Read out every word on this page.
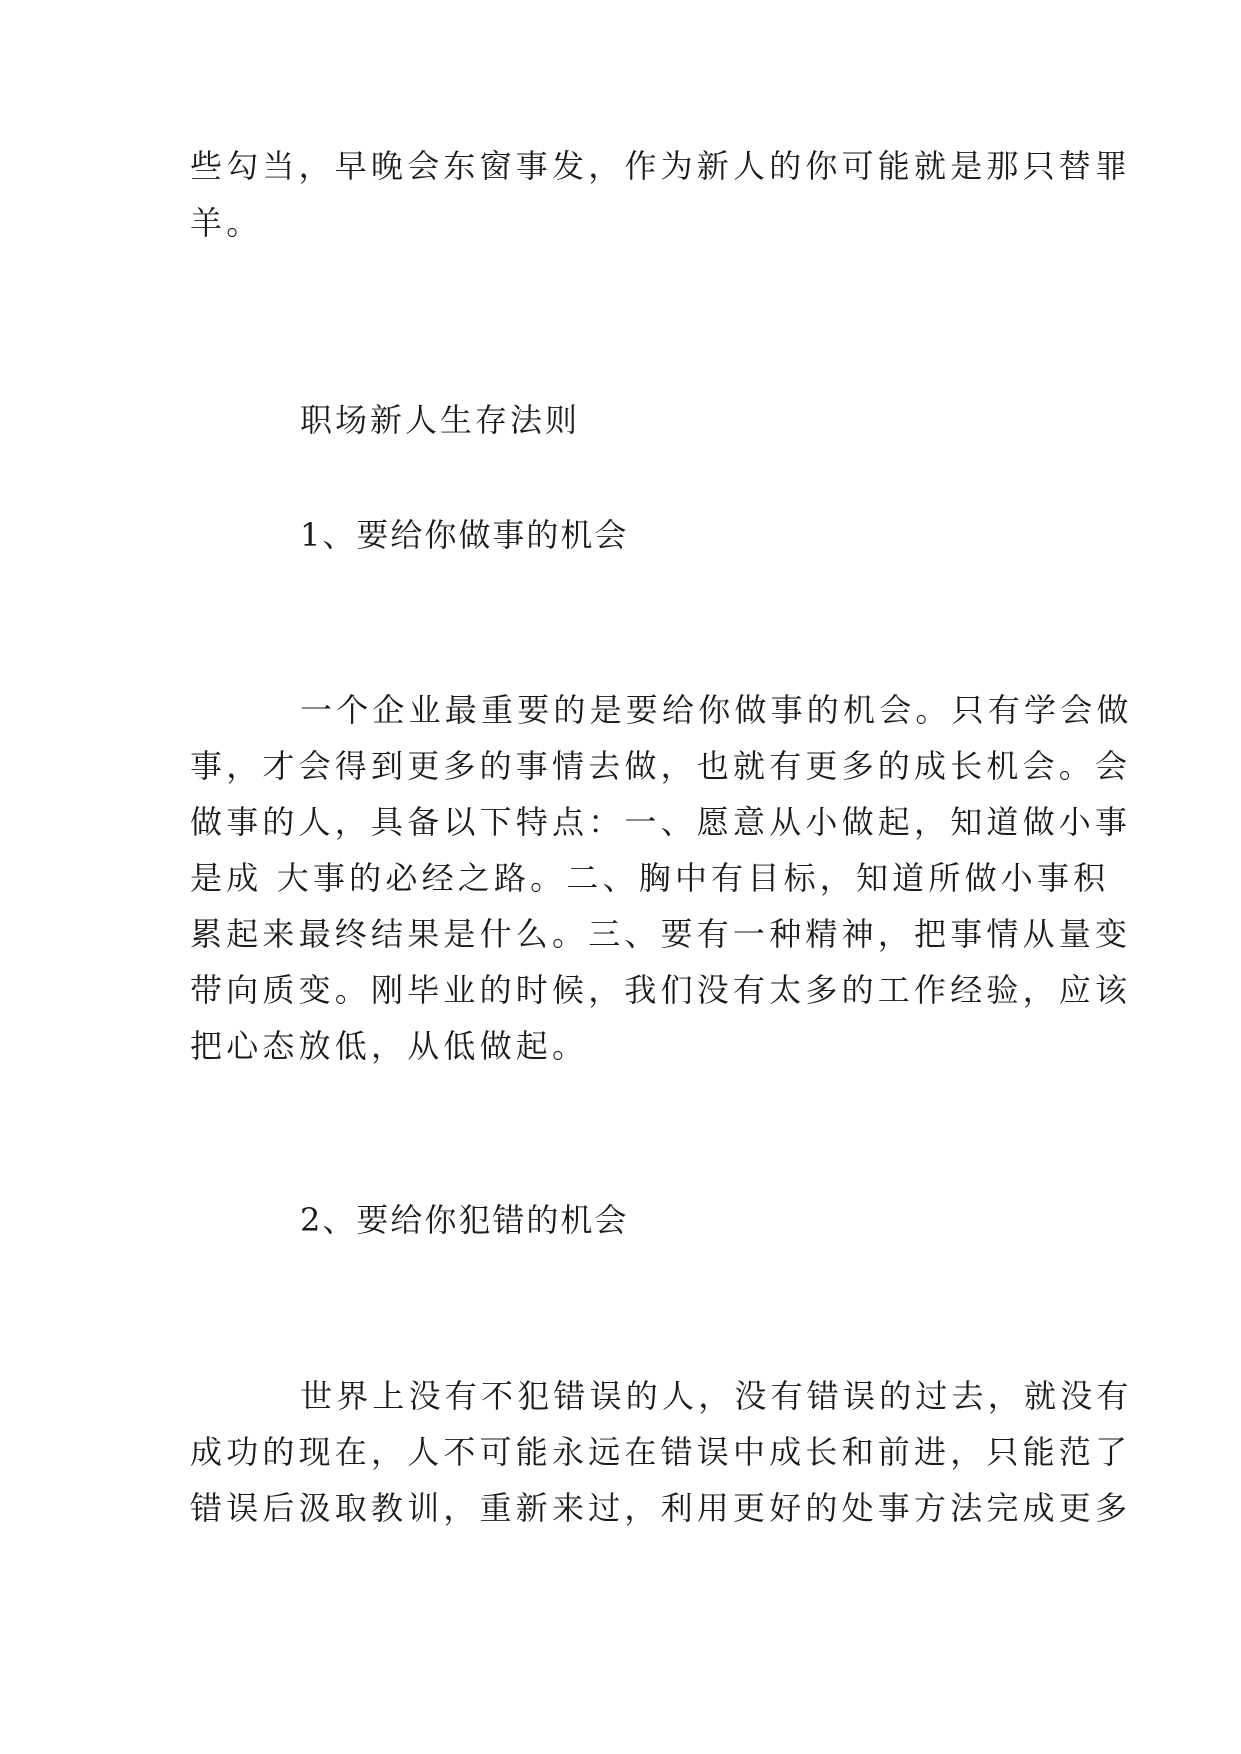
些勾当，早晚会东窗事发，作为新人的你可能就是那只替罪
羊。
职场新人生存法则
1、要给你做事的机会
一个企业最重要的是要给你做事的机会。只有学会做
事，才会得到更多的事情去做，也就有更多的成长机会。会
做事的人，具备以下特点：一、愿意从小做起，知道做小事
是成 大事的必经之路。二、胸中有目标，知道所做小事积
累起来最终结果是什么。三、要有一种精神，把事情从量变
带向质变。刚毕业的时候，我们没有太多的工作经验，应该
把心态放低，从低做起。
2、要给你犯错的机会
世界上没有不犯错误的人，没有错误的过去，就没有
成功的现在，人不可能永远在错误中成长和前进，只能范了
错误后汲取教训，重新来过，利用更好的处事方法完成更多
